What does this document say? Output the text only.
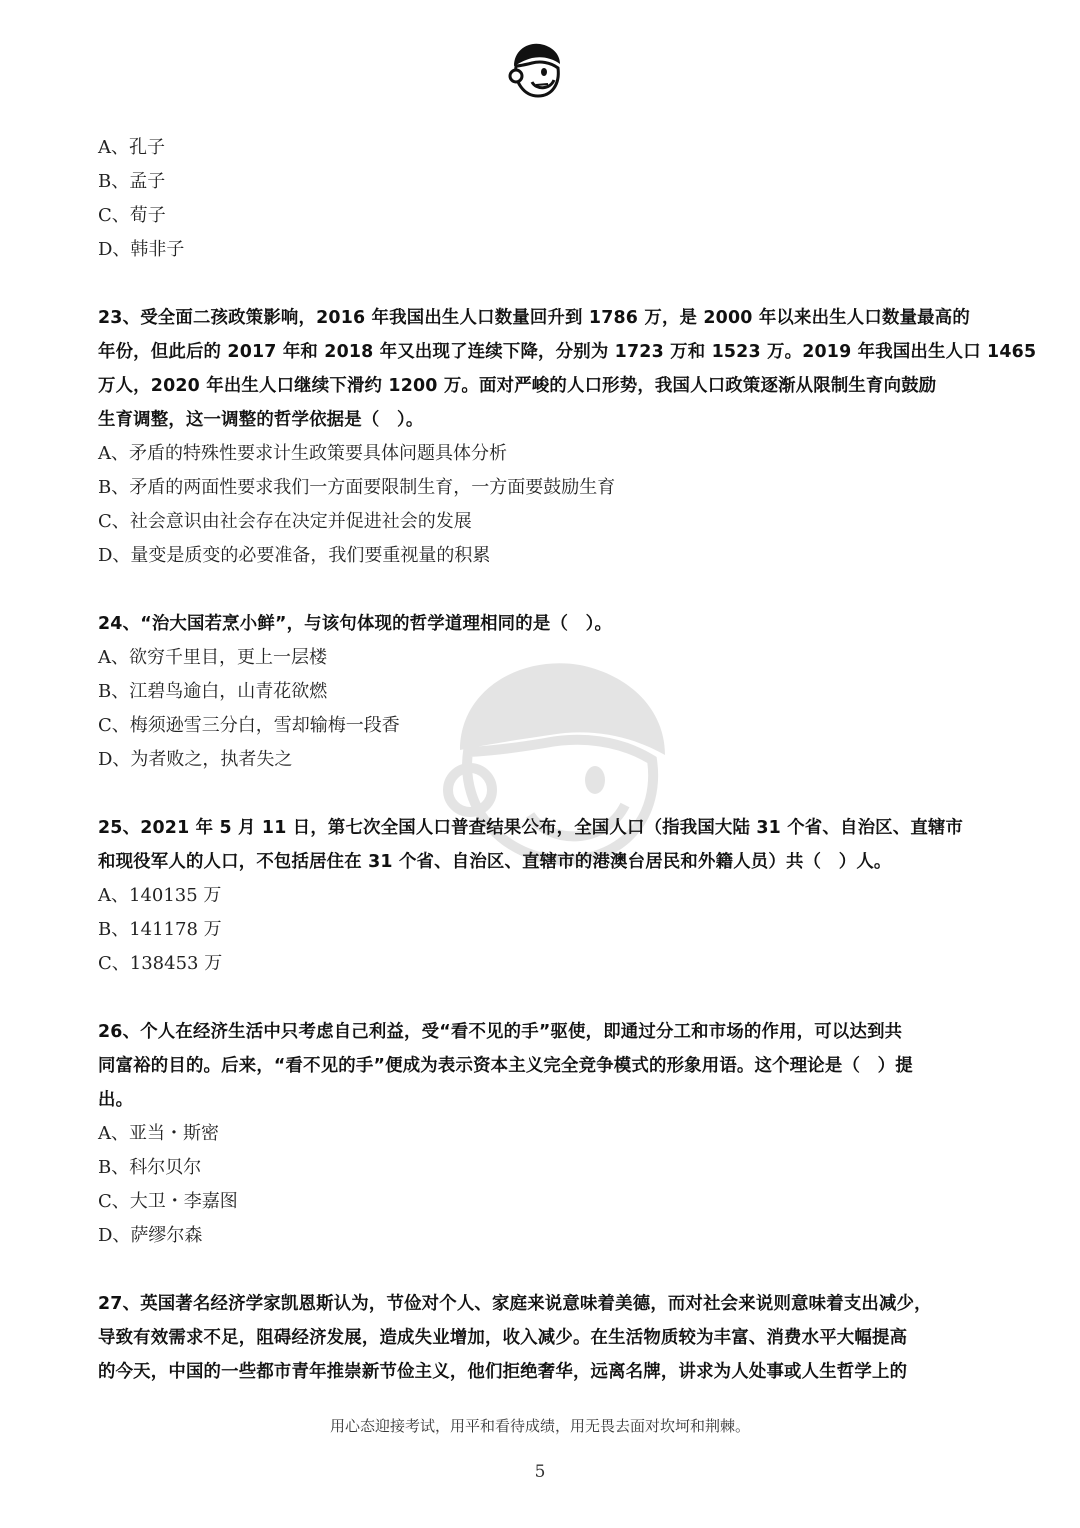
A、孔子
B、孟子
C、荀子
D、韩非子
23、受全面二孩政策影响，2016 年我国出生人口数量回升到 1786 万，是 2000 年以来出生人口数量最高的
年份，但此后的 2017 年和 2018 年又出现了连续下降，分别为 1723 万和 1523 万。2019 年我国出生人口 1465
万人，2020 年出生人口继续下滑约 1200 万。面对严峻的人口形势，我国人口政策逐渐从限制生育向鼓励
生育调整，这一调整的哲学依据是（　）。
A、矛盾的特殊性要求计生政策要具体问题具体分析
B、矛盾的两面性要求我们一方面要限制生育，一方面要鼓励生育
C、社会意识由社会存在决定并促进社会的发展
D、量变是质变的必要准备，我们要重视量的积累
24、“治大国若烹小鲜”，与该句体现的哲学道理相同的是（　）。
A、欲穷千里目，更上一层楼
B、江碧鸟逾白，山青花欲燃
C、梅须逊雪三分白，雪却输梅一段香
D、为者败之，执者失之
25、2021 年 5 月 11 日，第七次全国人口普查结果公布，全国人口（指我国大陆 31 个省、自治区、直辖市
和现役军人的人口，不包括居住在 31 个省、自治区、直辖市的港澳台居民和外籍人员）共（　）人。
A、140135 万
B、141178 万
C、138453 万
26、个人在经济生活中只考虑自己利益，受“看不见的手”驱使，即通过分工和市场的作用，可以达到共
同富裕的目的。后来，“看不见的手”便成为表示资本主义完全竞争模式的形象用语。这个理论是（　）提
出。
A、亚当・斯密
B、科尔贝尔
C、大卫・李嘉图
D、萨缪尔森
27、英国著名经济学家凯恩斯认为，节俭对个人、家庭来说意味着美德，而对社会来说则意味着支出减少，
导致有效需求不足，阻碍经济发展，造成失业增加，收入减少。在生活物质较为丰富、消费水平大幅提高
的今天，中国的一些都市青年推崇新节俭主义，他们拒绝奢华，远离名牌，讲求为人处事或人生哲学上的
用心态迎接考试，用平和看待成绩，用无畏去面对坎坷和荆棘。
5
